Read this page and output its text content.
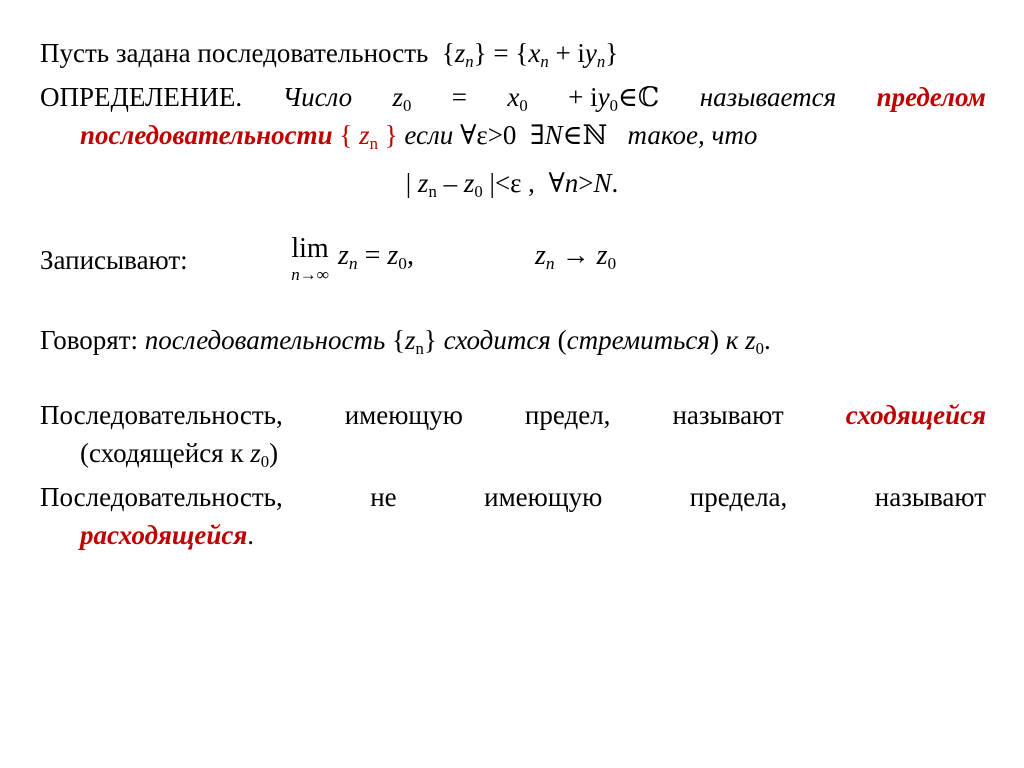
Пусть задана последовательность $\{z_n\} = \{x_n + iy_n\}$
ОПРЕДЕЛЕНИЕ. Число $z_0 = x_0$ + $iy_0\in ℂ$ называется пределом
последовательности { $z_n$ } если ∀ε>0 ∃N∈ℕ такое, что
| $z_n - z_0$ |<ε , ∀n>N.
Записывают:	lim
n→∞
$z_n = z_0$,	$z_n \to z_0$
Говорят: последовательность $\{z_n\}$ сходится (стремиться) к $z_0$.
Последовательность, имеющую предел, называют сходящейся
(сходящейся к $z_0$)
Последовательность,	не	имеющую	предела,	называют
расходящейся.
